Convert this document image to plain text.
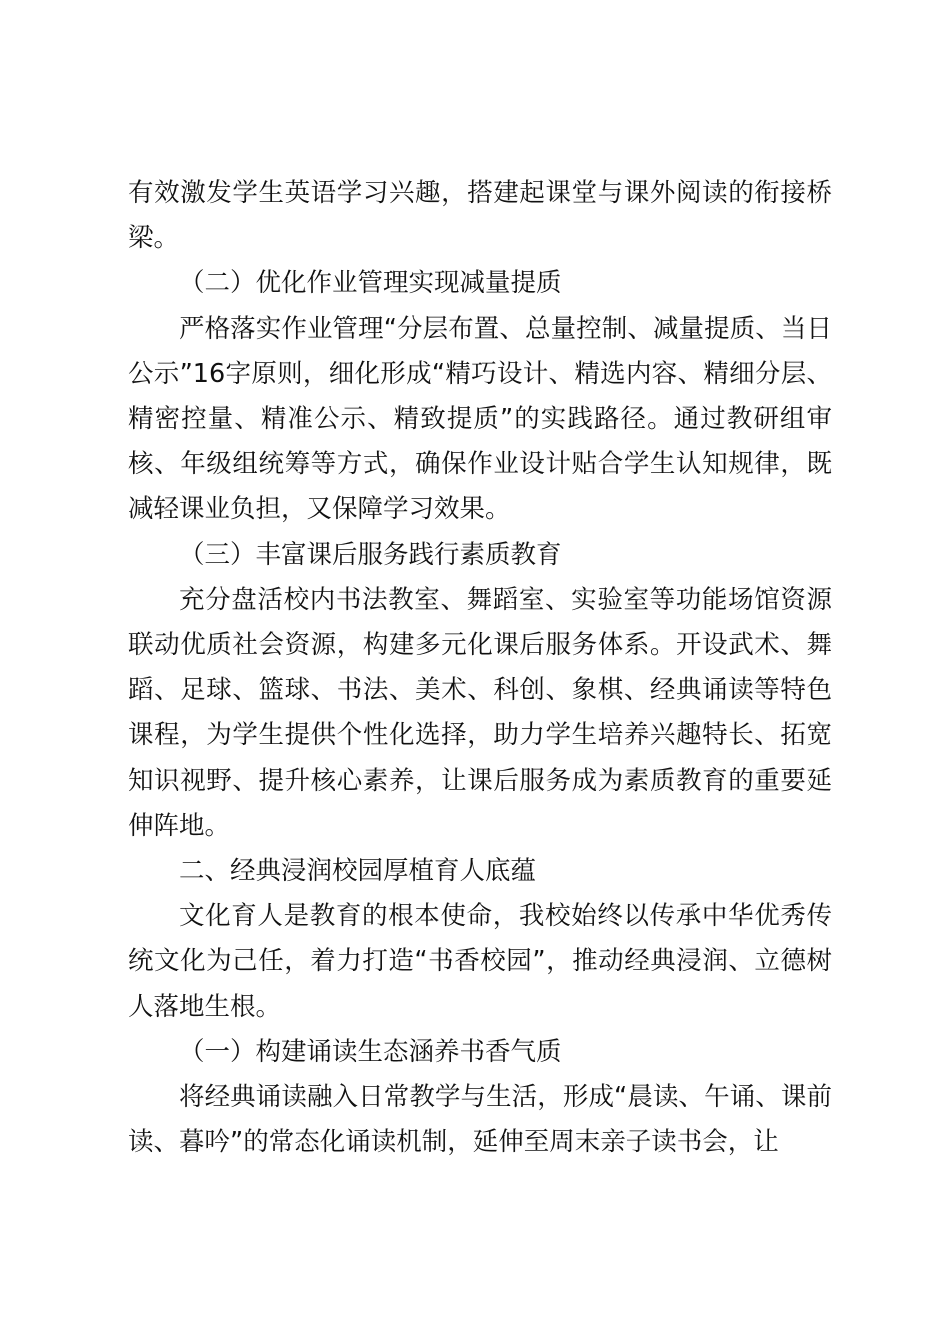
有效激发学生英语学习兴趣，搭建起课堂与课外阅读的衔接桥梁。

（二）优化作业管理实现减量提质

严格落实作业管理“分层布置、总量控制、减量提质、当日公示”16字原则，细化形成“精巧设计、精选内容、精细分层、精密控量、精准公示、精致提质”的实践路径。通过教研组审核、年级组统筹等方式，确保作业设计贴合学生认知规律，既减轻课业负担，又保障学习效果。

（三）丰富课后服务践行素质教育

充分盘活校内书法教室、舞蹈室、实验室等功能场馆资源联动优质社会资源，构建多元化课后服务体系。开设武术、舞蹈、足球、篮球、书法、美术、科创、象棋、经典诵读等特色课程，为学生提供个性化选择，助力学生培养兴趣特长、拓宽知识视野、提升核心素养，让课后服务成为素质教育的重要延伸阵地。

二、经典浸润校园厚植育人底蕴

文化育人是教育的根本使命，我校始终以传承中华优秀传统文化为己任，着力打造“书香校园”，推动经典浸润、立德树人落地生根。

（一）构建诵读生态涵养书香气质

将经典诵读融入日常教学与生活，形成“晨读、午诵、课前读、暮吟”的常态化诵读机制，延伸至周末亲子读书会，让
